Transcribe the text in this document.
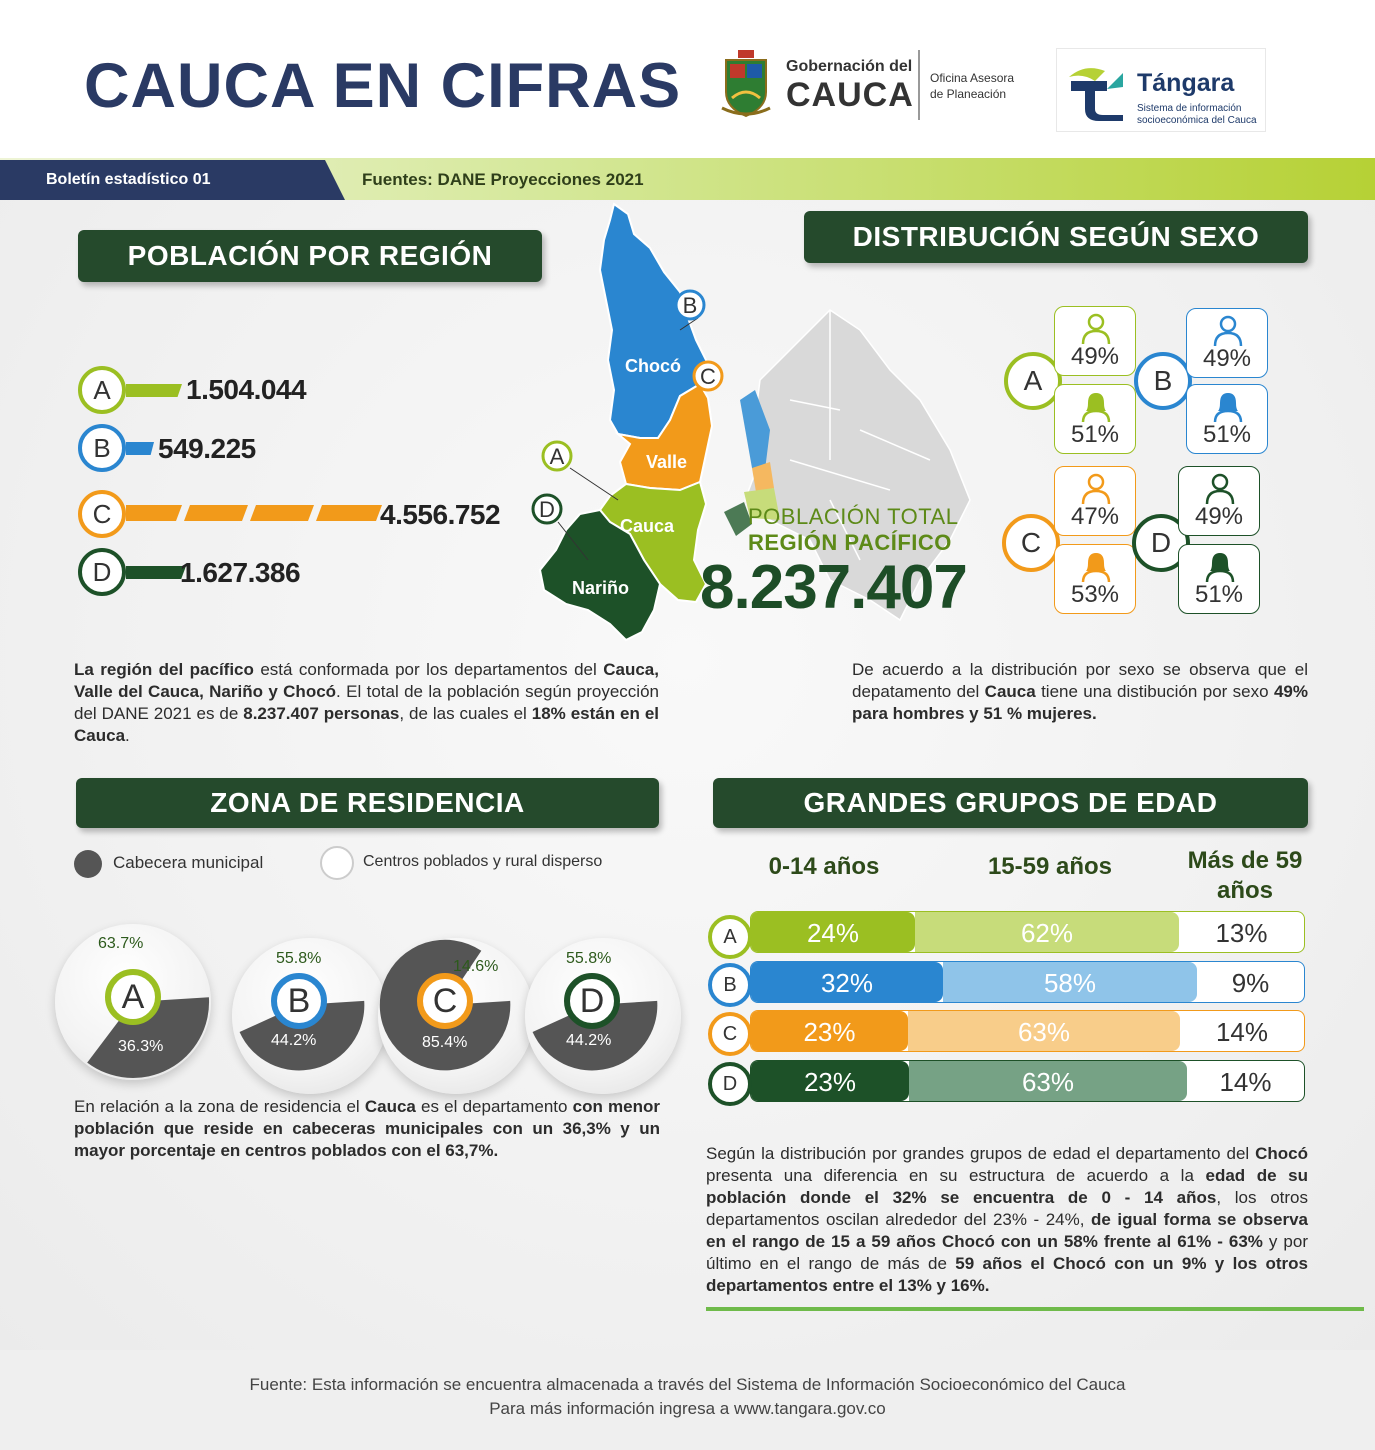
CAUCA EN CIFRAS	Gobernación del
CAUCA Oficina Asesora de Planeación	Tángara
Sistema de información socioeconómica del Cauca
Boletín estadístico 01	Fuentes: DANE Proyecciones 2021
POBLACIÓN POR REGIÓN
A	1.504.044
B	549.225
C	4.556.752
D	1.627.386
Chocó
Valle
Cauca
Nariño
B
C
A
D	POBLACIÓN TOTAL
REGIÓN PACÍFICO
8.237.407
DISTRIBUCIÓN SEGÚN SEXO
A
49%
51%
B
49%
51%
C
47%
53%
D
49%
51%
La región del pacífico está conformada por los departamentos del Cauca, Valle del Cauca, Nariño y Chocó. El total de la población según proyección del DANE 2021 es de 8.237.407 personas, de las cuales el 18% están en el Cauca.
De acuerdo a la distribución por sexo se observa que el depatamento del Cauca tiene una distibución por sexo 49% para hombres y 51 % mujeres.
ZONA DE RESIDENCIA
Cabecera municipal	Centros poblados y rural disperso
A
63.7%
36.3%
B
55.8%
44.2%
C
14.6%
85.4%
D
55.8%
44.2%
En relación a la zona de residencia el Cauca es el departamento con menor población que reside en cabeceras municipales con un 36,3% y un mayor porcentaje en centros poblados con el 63,7%.
GRANDES GRUPOS DE EDAD
0-14 años	15-59 años	Más de 59 años
24%	62%	13%
A
32%	58%	9%
B
23%	63%	14%
C
23%	63%	14%
D
Según la distribución por grandes grupos de edad el departamento del Chocó presenta una diferencia en su estructura de acuerdo a la edad de su población donde el 32% se encuentra de 0 - 14 años, los otros departamentos oscilan alrededor del 23% - 24%, de igual forma se observa en el rango de 15 a 59 años Chocó con un 58% frente al 61% - 63% y por último en el rango de más de 59 años el Chocó con un 9% y los otros departamentos entre el 13% y 16%.
Fuente: Esta información se encuentra almacenada a través del Sistema de Información Socioeconómico del Cauca
Para más información ingresa a www.tangara.gov.co
